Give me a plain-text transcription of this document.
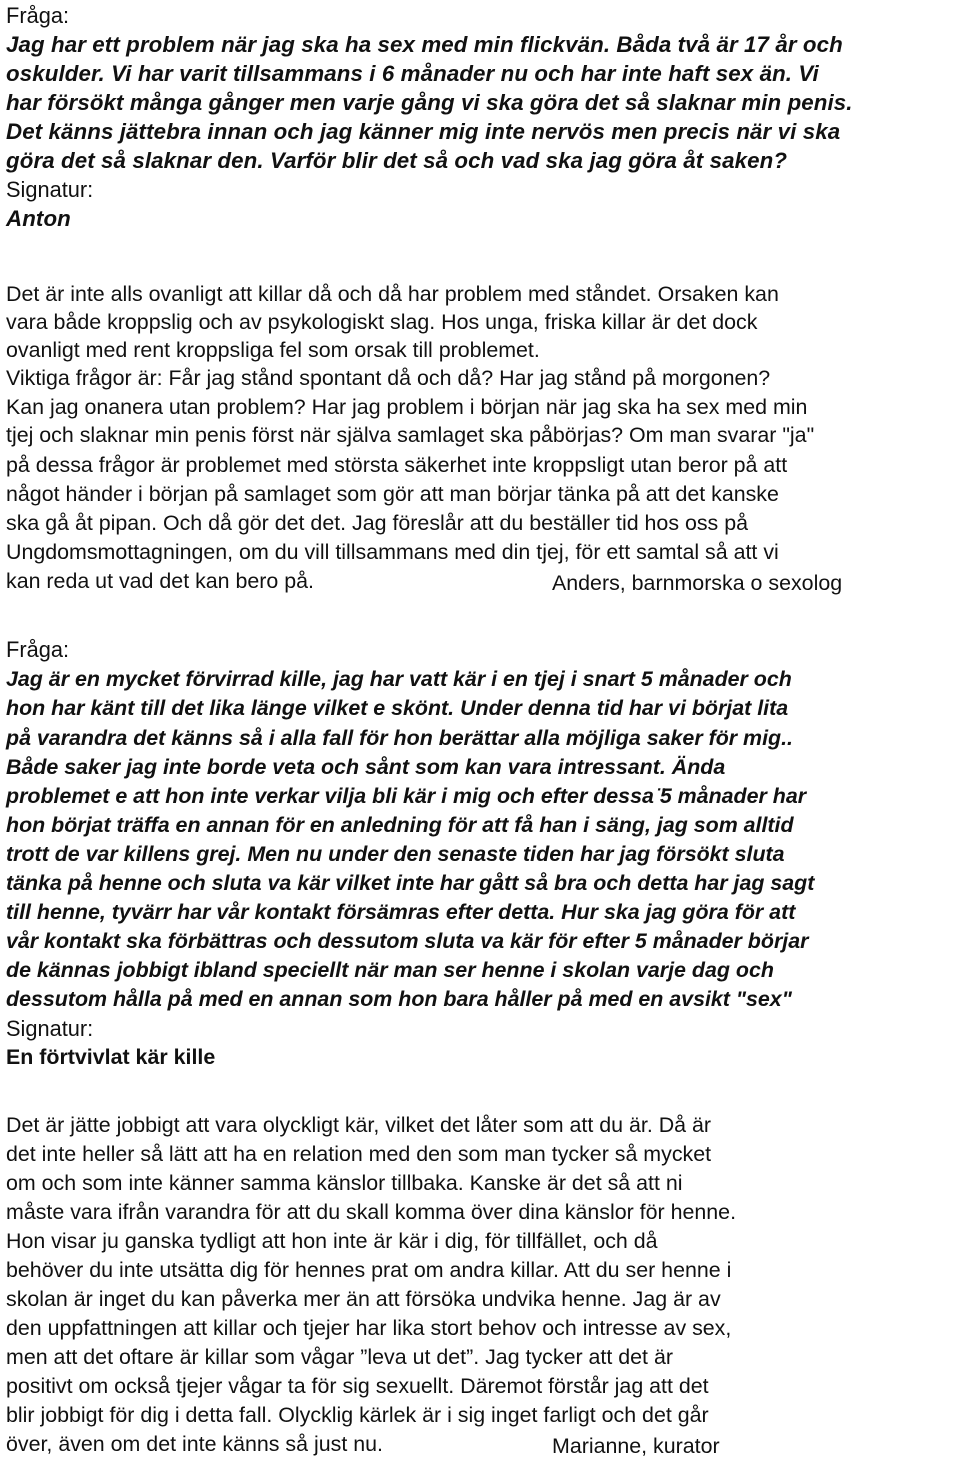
Fråga:
Jag har ett problem när jag ska ha sex med min flickvän. Båda två är 17 år och
oskulder. Vi har varit tillsammans i 6 månader nu och har inte haft sex än. Vi
har försökt många gånger men varje gång vi ska göra det så slaknar min penis.
Det känns jättebra innan och jag känner mig inte nervös men precis när vi ska
göra det så slaknar den. Varför blir det så och vad ska jag göra åt saken?
Signatur:
Anton
Det är inte alls ovanligt att killar då och då har problem med ståndet. Orsaken kan
vara både kroppslig och av psykologiskt slag. Hos unga, friska killar är det dock
ovanligt med rent kroppsliga fel som orsak till problemet.
Viktiga frågor är: Får jag stånd spontant då och då? Har jag stånd på morgonen?
Kan jag onanera utan problem? Har jag problem i början när jag ska ha sex med min
tjej och slaknar min penis först när själva samlaget ska påbörjas? Om man svarar "ja"
på dessa frågor är problemet med största säkerhet inte kroppsligt utan beror på att
något händer i början på samlaget som gör att man börjar tänka på att det kanske
ska gå åt pipan. Och då gör det det. Jag föreslår att du beställer tid hos oss på
Ungdomsmottagningen, om du vill tillsammans med din tjej, för ett samtal så att vi
kan reda ut vad det kan bero på.	Anders, barnmorska o sexolog
Fråga:
Jag är en mycket förvirrad kille, jag har vatt kär i en tjej i snart 5 månader och
hon har känt till det lika länge vilket e skönt. Under denna tid har vi börjat lita
på varandra det känns så i alla fall för hon berättar alla möjliga saker för mig..
Både saker jag inte borde veta och sånt som kan vara intressant. Ända
problemet e att hon inte verkar vilja bli kär i mig och efter dessa ̈5 månader har
hon börjat träffa en annan för en anledning för att få han i säng, jag som alltid
trott de var killens grej. Men nu under den senaste tiden har jag försökt sluta
tänka på henne och sluta va kär vilket inte har gått så bra och detta har jag sagt
till henne, tyvärr har vår kontakt försämras efter detta. Hur ska jag göra för att
vår kontakt ska förbättras och dessutom sluta va kär för efter 5 månader börjar
de kännas jobbigt ibland speciellt när man ser henne i skolan varje dag och
dessutom hålla på med en annan som hon bara håller på med en avsikt "sex"
Signatur:
En förtvivlat kär kille
Det är jätte jobbigt att vara olyckligt kär, vilket det låter som att du är. Då är
det inte heller så lätt att ha en relation med den som man tycker så mycket
om och som inte känner samma känslor tillbaka. Kanske är det så att ni
måste vara ifrån varandra för att du skall komma över dina känslor för henne.
Hon visar ju ganska tydligt att hon inte är kär i dig, för tillfället, och då
behöver du inte utsätta dig för hennes prat om andra killar. Att du ser henne i
skolan är inget du kan påverka mer än att försöka undvika henne. Jag är av
den uppfattningen att killar och tjejer har lika stort behov och intresse av sex,
men att det oftare är killar som vågar ”leva ut det”. Jag tycker att det är
positivt om också tjejer vågar ta för sig sexuellt. Däremot förstår jag att det
blir jobbigt för dig i detta fall. Olycklig kärlek är i sig inget farligt och det går
över, även om det inte känns så just nu.	Marianne, kurator
